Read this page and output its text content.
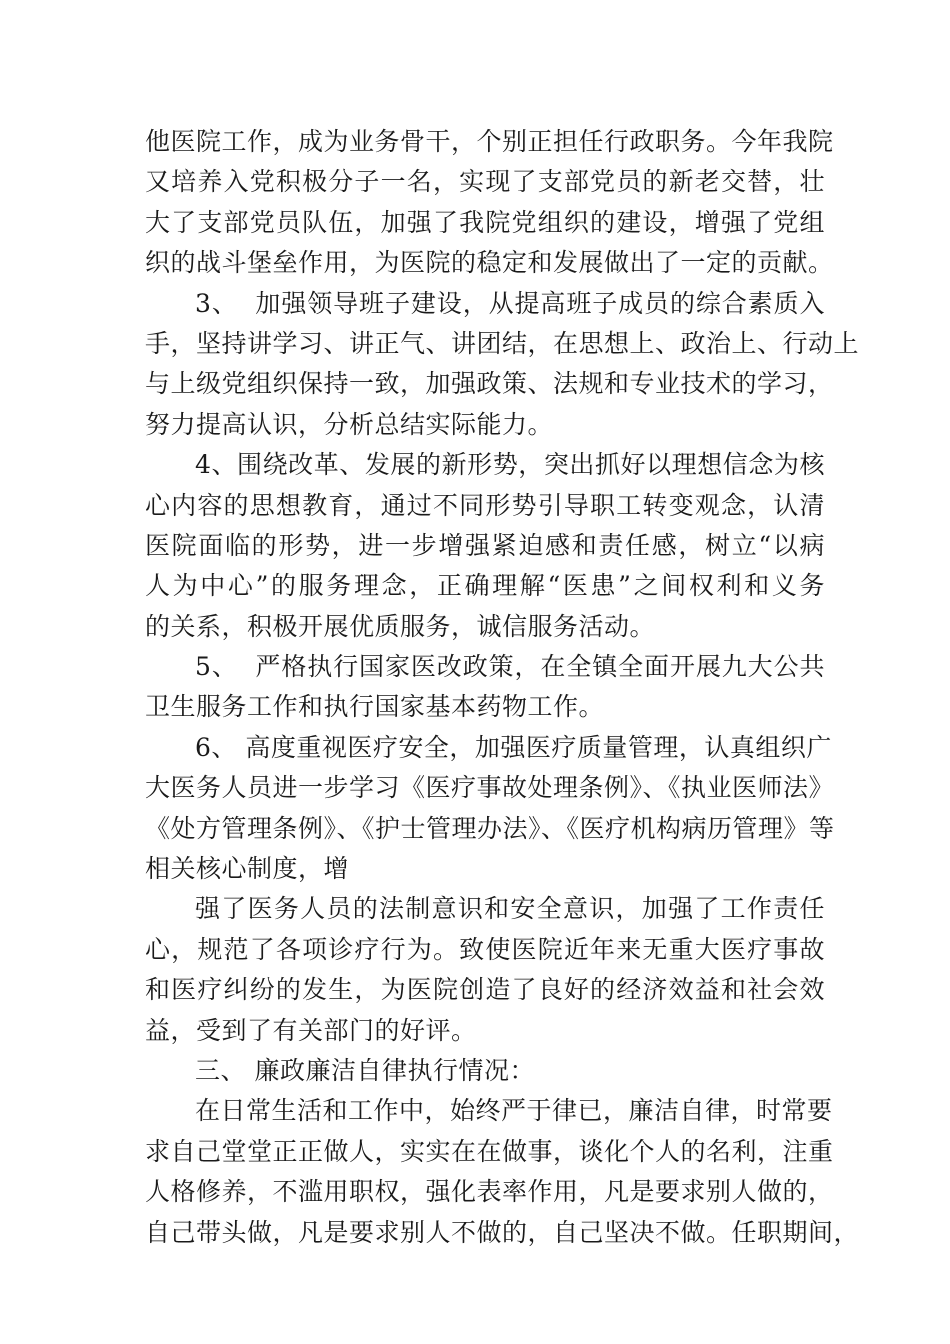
他医院工作，成为业务骨干，个别正担任行政职务。今年我院
又培养入党积极分子一名，实现了支部党员的新老交替，壮
大了支部党员队伍，加强了我院党组织的建设，增强了党组
织的战斗堡垒作用，为医院的稳定和发展做出了一定的贡献。
3、  加强领导班子建设，从提高班子成员的综合素质入
手，坚持讲学习、讲正气、讲团结，在思想上、政治上、行动上
与上级党组织保持一致，加强政策、法规和专业技术的学习，
努力提高认识，分析总结实际能力。
4、围绕改革、发展的新形势，突出抓好以理想信念为核
心内容的思想教育，通过不同形势引导职工转变观念，认清
医院面临的形势，进一步增强紧迫感和责任感，树立“以病
人为中心”的服务理念，正确理解“医患”之间权利和义务
的关系，积极开展优质服务，诚信服务活动。
5、  严格执行国家医改政策，在全镇全面开展九大公共
卫生服务工作和执行国家基本药物工作。
6、 高度重视医疗安全，加强医疗质量管理，认真组织广
大医务人员进一步学习《医疗事故处理条例》、《执业医师法》
《处方管理条例》、《护士管理办法》、《医疗机构病历管理》等
相关核心制度，增
强了医务人员的法制意识和安全意识，加强了工作责任
心，规范了各项诊疗行为。致使医院近年来无重大医疗事故
和医疗纠纷的发生，为医院创造了良好的经济效益和社会效
益，受到了有关部门的好评。
三、 廉政廉洁自律执行情况：
在日常生活和工作中，始终严于律已，廉洁自律，时常要
求自己堂堂正正做人，实实在在做事，谈化个人的名利，注重
人格修养，不滥用职权，强化表率作用，凡是要求别人做的，
自己带头做，凡是要求别人不做的，自己坚决不做。任职期间，
